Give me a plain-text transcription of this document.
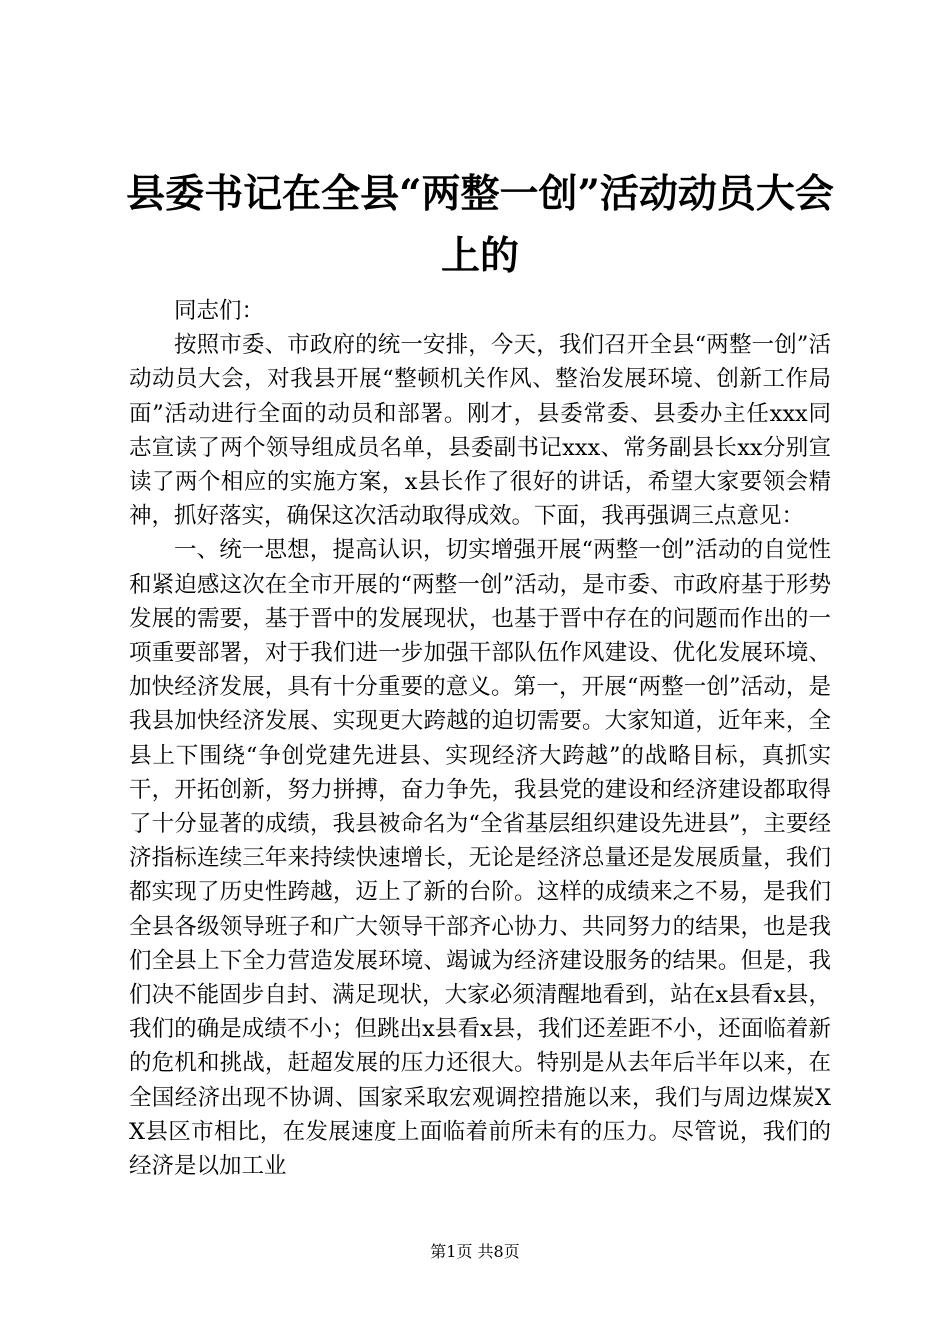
县委书记在全县“两整一创”活动动员大会上的

同志们：

按照市委、市政府的统一安排，今天，我们召开全县“两整一创”活动动员大会，对我县开展“整顿机关作风、整治发展环境、创新工作局面”活动进行全面的动员和部署。刚才，县委常委、县委办主任xxx同志宣读了两个领导组成员名单，县委副书记xxx、常务副县长xx分别宣读了两个相应的实施方案，x县长作了很好的讲话，希望大家要领会精神，抓好落实，确保这次活动取得成效。下面，我再强调三点意见：

一、统一思想，提高认识，切实增强开展“两整一创”活动的自觉性和紧迫感这次在全市开展的“两整一创”活动，是市委、市政府基于形势发展的需要，基于晋中的发展现状，也基于晋中存在的问题而作出的一项重要部署，对于我们进一步加强干部队伍作风建设、优化发展环境、加快经济发展，具有十分重要的意义。第一，开展“两整一创”活动，是我县加快经济发展、实现更大跨越的迫切需要。大家知道，近年来，全县上下围绕“争创党建先进县、实现经济大跨越”的战略目标，真抓实干，开拓创新，努力拼搏，奋力争先，我县党的建设和经济建设都取得了十分显著的成绩，我县被命名为“全省基层组织建设先进县”，主要经济指标连续三年来持续快速增长，无论是经济总量还是发展质量，我们都实现了历史性跨越，迈上了新的台阶。这样的成绩来之不易，是我们全县各级领导班子和广大领导干部齐心协力、共同努力的结果，也是我们全县上下全力营造发展环境、竭诚为经济建设服务的结果。但是，我们决不能固步自封、满足现状，大家必须清醒地看到，站在x县看x县，我们的确是成绩不小；但跳出x县看x县，我们还差距不小，还面临着新的危机和挑战，赶超发展的压力还很大。特别是从去年后半年以来，在全国经济出现不协调、国家采取宏观调控措施以来，我们与周边煤炭XX县区市相比，在发展速度上面临着前所未有的压力。尽管说，我们的经济是以加工业

第1页 共8页
